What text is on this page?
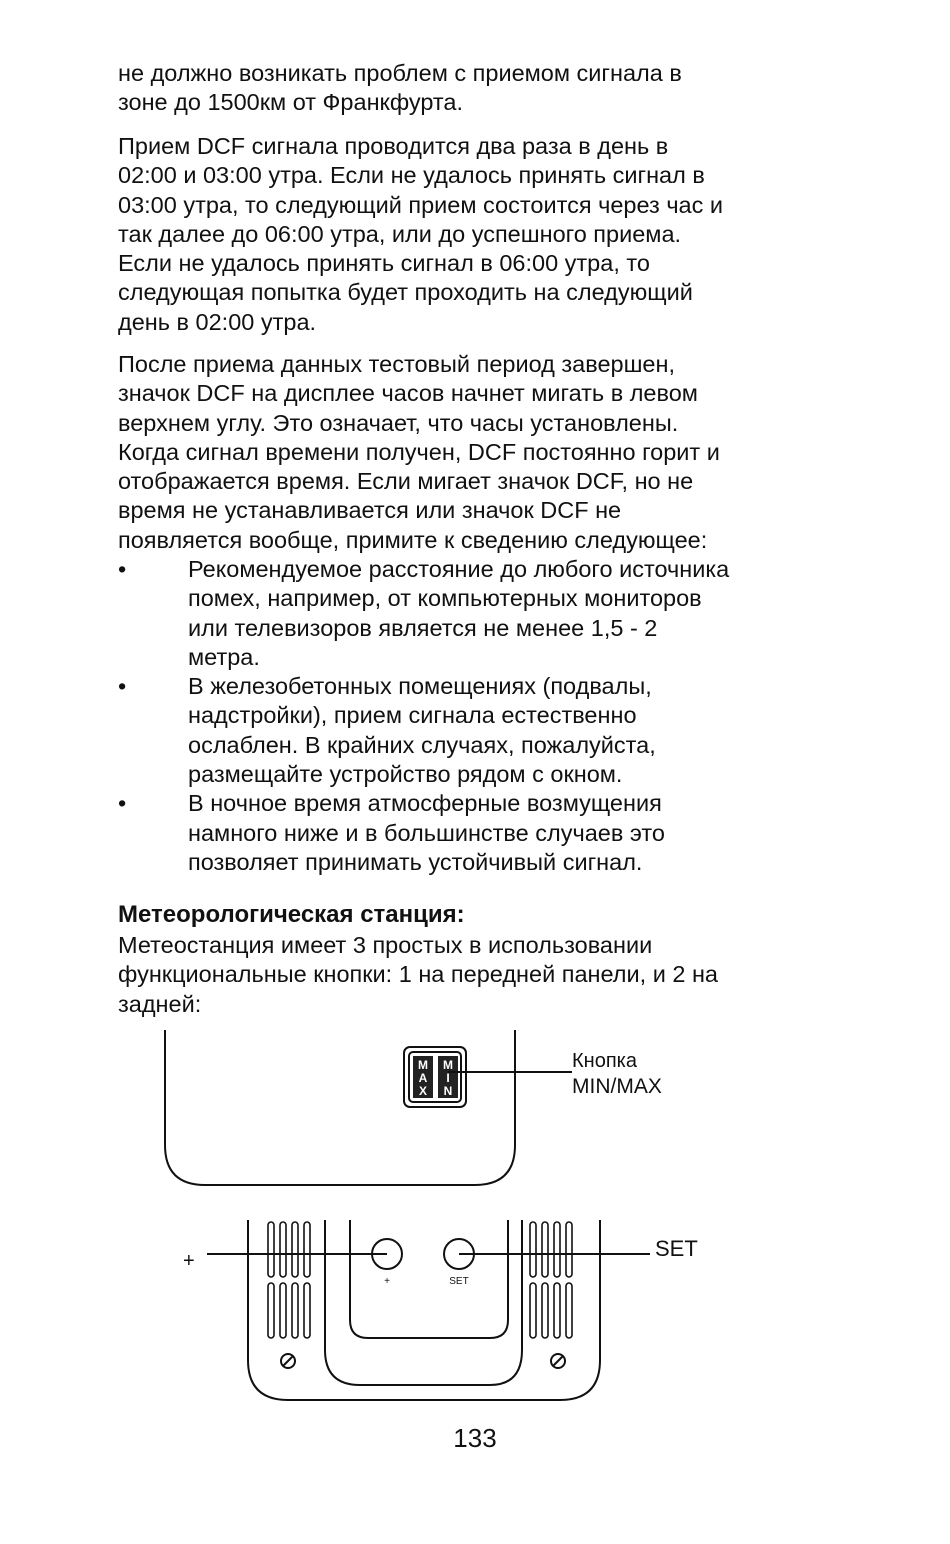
не должно возникать проблем с приемом сигнала в

зоне до 1500км от Франкфурта.

Прием DCF сигнала проводится два раза в день в

02:00 и 03:00 утра. Если не удалось принять сигнал в

03:00 утра, то следующий прием состоится через час и

так далее до 06:00 утра, или до успешного приема.

Если не удалось принять сигнал в 06:00 утра, то

следующая попытка будет проходить на следующий

день в 02:00 утра.

После приема данных тестовый период завершен,

значок DCF на дисплее часов начнет мигать в левом

верхнем углу. Это означает, что часы установлены.

Когда сигнал времени получен, DCF постоянно горит и

отображается время. Если мигает значок DCF, но не

время не устанавливается или значок DCF не

появляется вообще, примите к сведению следующее:

•	Рекомендуемое расстояние до любого источника
помех, например, от компьютерных мониторов
или телевизоров является не менее 1,5 - 2
метра.
•	В железобетонных помещениях (подвалы,
надстройки), прием сигнала естественно
ослаблен. В крайних случаях, пожалуйста,
размещайте устройство рядом с окном.
•	В ночное время атмосферные возмущения
намного ниже и в большинстве случаев это
позволяет принимать устойчивый сигнал.
Метеорологическая станция:

Метеостанция имеет 3 простых в использовании

функциональные кнопки: 1 на передней панели, и 2 на

задней:

M
A
X
M
I
N
+	SET
Кнопка
MIN/MAX
SET
+
133
